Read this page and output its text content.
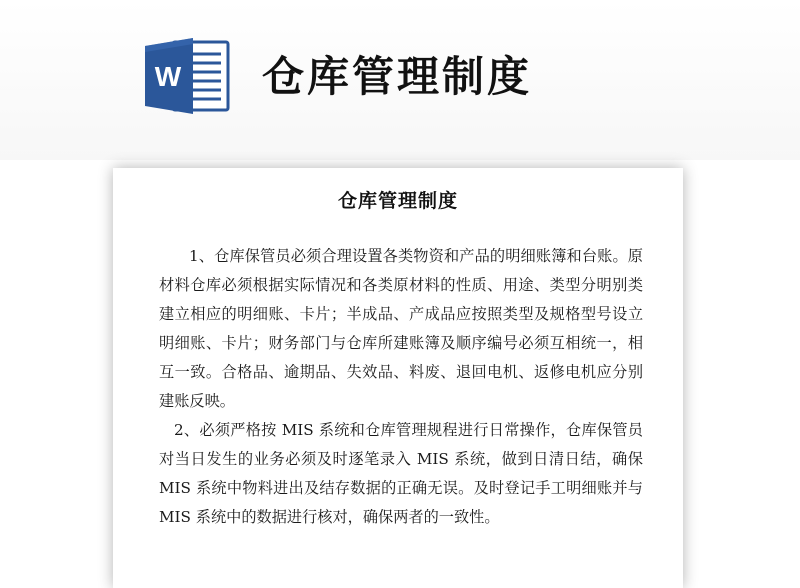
W 仓库管理制度
仓库管理制度

1、仓库保管员必须合理设置各类物资和产品的明细账簿和台账。原材料仓库必须根据实际情况和各类原材料的性质、用途、类型分明别类建立相应的明细账、卡片；半成品、产成品应按照类型及规格型号设立明细账、卡片；财务部门与仓库所建账簿及顺序编号必须互相统一，相互一致。合格品、逾期品、失效品、料废、退回电机、返修电机应分别建账反映。

2、必须严格按 MIS 系统和仓库管理规程进行日常操作，仓库保管员对当日发生的业务必须及时逐笔录入 MIS 系统，做到日清日结，确保 MIS 系统中物料进出及结存数据的正确无误。及时登记手工明细账并与 MIS 系统中的数据进行核对，确保两者的一致性。
